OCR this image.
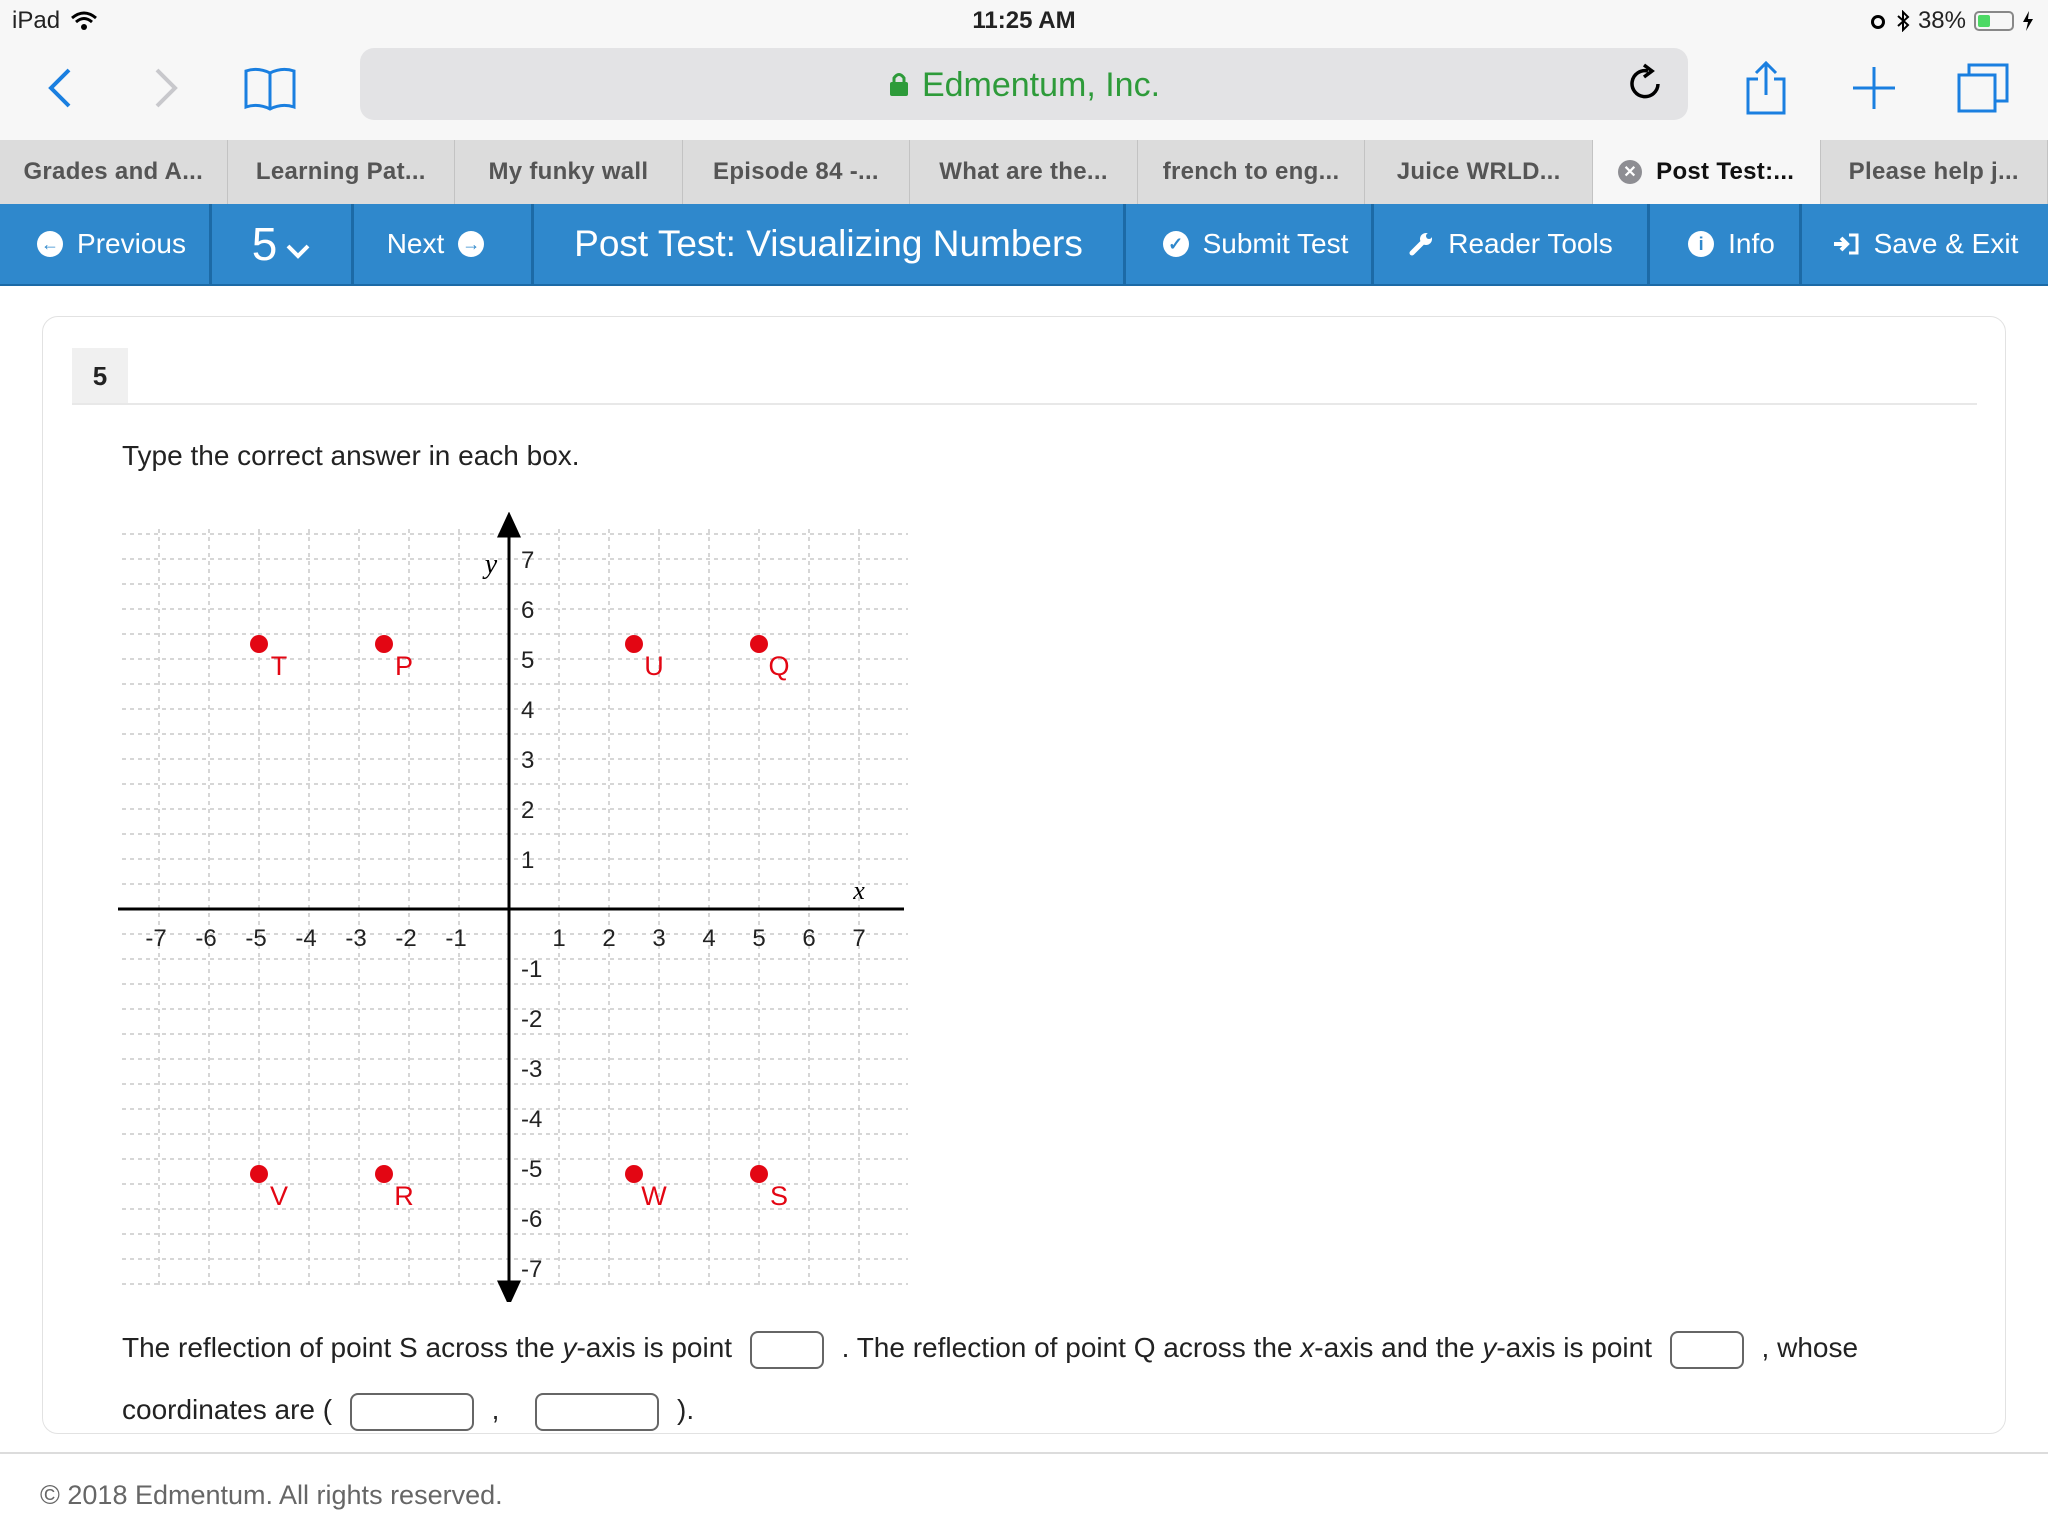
iPad	11:25 AM	38%
Edmentum, Inc.
Grades and A... Learning Pat...	My funky wall	Episode 84 -...	What are the... french to eng... Juice WRLD...	✕ Post Test:... Please help j...
← Previous 5	Next →	Post Test: Visualizing Numbers	✓ Submit Test	Reader Tools	i Info	Save & Exit
5
Type the correct answer in each box.
-7 -6 -5 -4 -3 -2 -1	1 2 3 4 5 6 7
7
6
5
4
3
2
1
-1
-2
-3
-4
-5
-6
-7
x
y
T	P	U	Q
V	R	W	S
The reflection of point S across the y-axis is point	. The reflection of point Q across the x-axis and the y-axis is point	, whose
coordinates are (	,	).
© 2018 Edmentum. All rights reserved.
